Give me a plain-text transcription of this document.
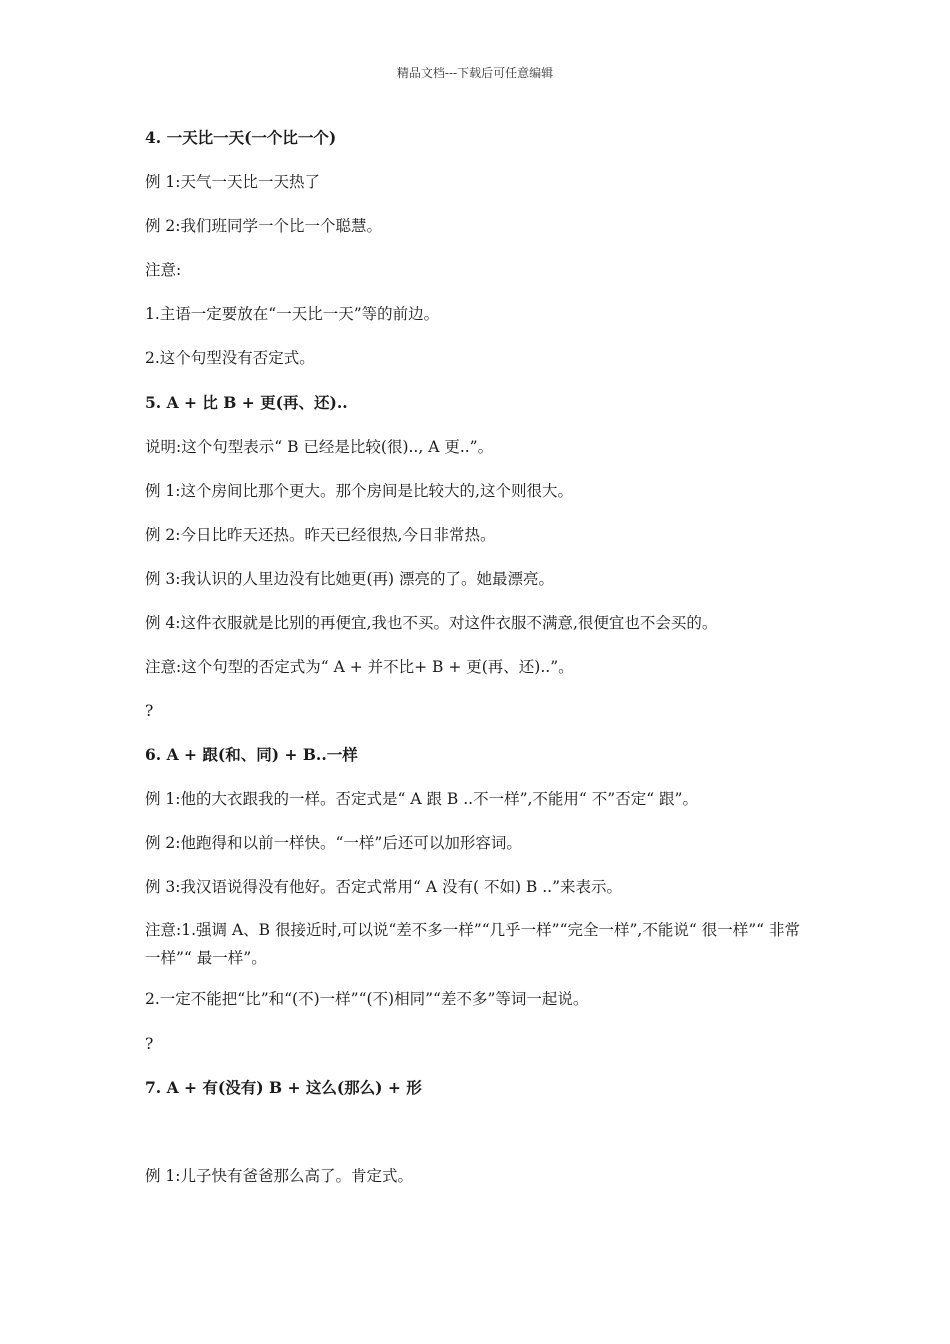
精品文档---下载后可任意编辑
4. 一天比一天(一个比一个)
例 1:天气一天比一天热了
例 2:我们班同学一个比一个聪慧。
注意:
1.主语一定要放在“一天比一天”等的前边。
2.这个句型没有否定式。
5. A + 比 B + 更(再、还)..
说明:这个句型表示“ B 已经是比较(很).., A 更..”。
例 1:这个房间比那个更大。那个房间是比较大的,这个则很大。
例 2:今日比昨天还热。昨天已经很热,今日非常热。
例 3:我认识的人里边没有比她更(再) 漂亮的了。她最漂亮。
例 4:这件衣服就是比别的再便宜,我也不买。对这件衣服不满意,很便宜也不会买的。
注意:这个句型的否定式为“ A + 并不比+ B + 更(再、还)..”。
?
6. A + 跟(和、同) + B..一样
例 1:他的大衣跟我的一样。否定式是“ A 跟 B ..不一样”,不能用“ 不”否定“ 跟”。
例 2:他跑得和以前一样快。“一样”后还可以加形容词。
例 3:我汉语说得没有他好。否定式常用“ A 没有( 不如) B ..”来表示。
注意:1.强调 A、B 很接近时,可以说“差不多一样”“几乎一样”“完全一样”,不能说“ 很一样”“ 非常一样”“ 最一样”。
2.一定不能把“比”和“(不)一样”“(不)相同”“差不多”等词一起说。
?
7. A + 有(没有) B + 这么(那么) + 形
例 1:儿子快有爸爸那么高了。肯定式。
